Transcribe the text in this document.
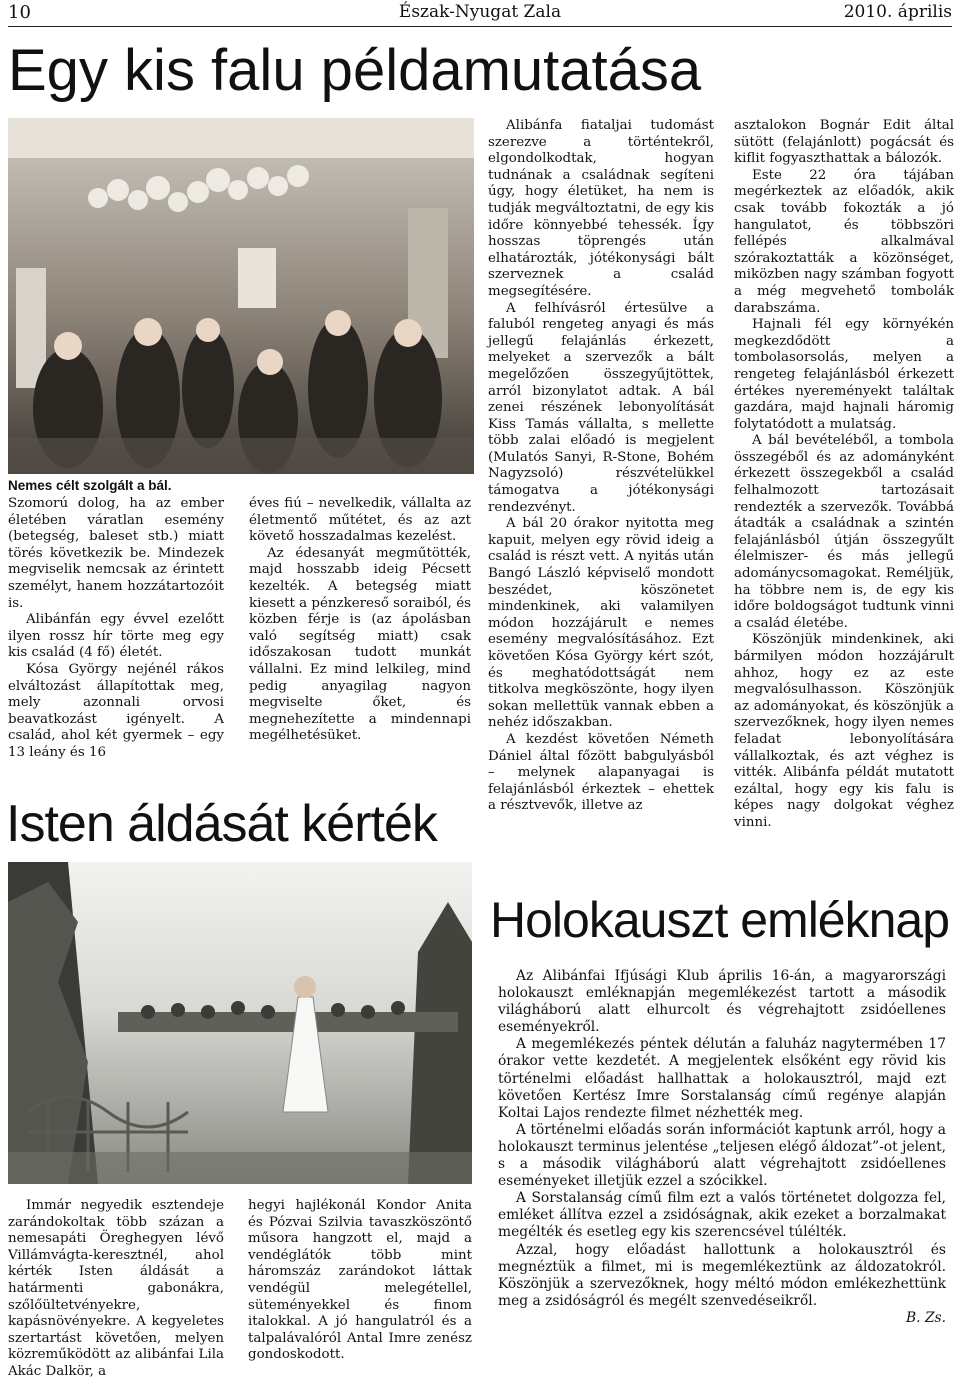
10	Észak-Nyugat Zala	2010. április
Egy kis falu példamutatása
Nemes célt szolgált a bál.

Szomorú dolog, ha az ember életében váratlan esemény (betegség, baleset stb.) miatt törés következik be. Mindezek megviselik nemcsak az érintett személyt, hanem hozzátartozóit is.

Alibánfán egy évvel ezelőtt ilyen rossz hír törte meg egy kis család (4 fő) életét.

Kósa György nejénél rákos elváltozást állapítottak meg, mely azonnali orvosi beavatkozást igényelt. A család, ahol két gyermek – egy 13 leány és 16

éves fiú – nevelkedik, vállalta az életmentő műtétet, és az azt követő hosszadalmas kezelést.

Az édesanyát megműtötték, majd hosszabb ideig Pécsett kezelték. A betegség miatt kiesett a pénzkereső soraiból, és közben férje is (az ápolásban való segítség miatt) csak időszakosan tudott munkát vállalni. Ez mind lelkileg, mind pedig anyagilag nagyon megviselte őket, és megnehezítette a mindennapi megélhetésüket.

Alibánfa fiataljai tudomást szerezve a történtekről, elgondolkodtak, hogyan tudnának a családnak segíteni úgy, hogy életüket, ha nem is tudják megváltoztatni, de egy kis időre könnyebbé tehessék. Így hosszas töprengés után elhatározták, jótékonysági bált szerveznek a család megsegítésére.

A felhívásról értesülve a faluból rengeteg anyagi és más jellegű felajánlás érkezett, melyeket a szervezők a bált megelőzően összegyűjtöttek, arról bizonylatot adtak. A bál zenei részének lebonyolítását Kiss Tamás vállalta, s mellette több zalai előadó is megjelent (Mulatós Sanyi, R-Stone, Bohém Nagyzsoló) részvételükkel támogatva a jótékonysági rendezvényt.

A bál 20 órakor nyitotta meg kapuit, melyen egy rövid ideig a család is részt vett. A nyitás után Bangó László képviselő mondott beszédet, köszönetet mindenkinek, aki valamilyen módon hozzájárult e nemes esemény megvalósításához. Ezt követően Kósa György kért szót, és meghatódottságát nem titkolva megköszönte, hogy ilyen sokan mellettük vannak ebben a nehéz időszakban.

A kezdést követően Németh Dániel által főzött babgulyásból – melynek alapanyagai is felajánlásból érkeztek – ehettek a résztvevők, illetve az

asztalokon Bognár Edit által sütött (felajánlott) pogácsát és kiflit fogyaszthattak a bálozók.

Este 22 óra tájában megérkeztek az előadók, akik csak tovább fokozták a jó hangulatot, és többszöri fellépés alkalmával szórakoztatták a közönséget, miközben nagy számban fogyott a még megvehető tombolák darabszáma.

Hajnali fél egy környékén megkezdődött a tombolasorsolás, melyen a rengeteg felajánlásból érkezett értékes nyereményekt találtak gazdára, majd hajnali háromig folytatódott a mulatság.

A bál bevételéből, a tombola összegéből és az adományként érkezett összegekből a család felhalmozott tartozásait rendezték a szervezők. Továbbá átadták a családnak a szintén felajánlásból útján összegyűlt élelmiszer- és más jellegű adománycsomagokat. Reméljük, ha többre nem is, de egy kis időre boldogságot tudtunk vinni a család életébe.

Köszönjük mindenkinek, aki bármilyen módon hozzájárult ahhoz, hogy ez az este megvalósulhasson. Köszönjük az adományokat, és köszönjük a szervezőknek, hogy ilyen nemes feladat lebonyolítására vállalkoztak, és azt véghez is vitték. Alibánfa példát mutatott ezáltal, hogy egy kis falu is képes nagy dolgokat véghez vinni.

Isten áldását kérték

Immár negyedik esztendeje zarándokoltak több százan a nemesapáti Öreghegyen lévő Villámvágta-keresztnél, ahol kérték Isten áldását a határmenti gabonákra, szőlőültetvényekre, kapásnövényekre. A kegyeletes szertartást követően, melyen közreműködött az alibánfai Lila Akác Dalkör, a

hegyi hajlékonál Kondor Anita és Pózvai Szilvia tavaszköszöntő műsora hangzott el, majd a vendéglátók több mint háromszáz zarándokot láttak vendégül melegétellel, süteményekkel és finom italokkal. A jó hangulatról és a talpalávalóról Antal Imre zenész gondoskodott.

Holokauszt emléknap

Az Alibánfai Ifjúsági Klub április 16-án, a magyarországi holokauszt emléknapján megemlékezést tartott a második világháború alatt elhurcolt és végrehajtott zsidóellenes eseményekről.

A megemlékezés péntek délután a faluház nagytermében 17 órakor vette kezdetét. A megjelentek elsőként egy rövid kis történelmi előadást hallhattak a holokausztról, majd ezt követően Kertész Imre Sorstalanság című regénye alapján Koltai Lajos rendezte filmet nézhették meg.

A történelmi előadás során információt kaptunk arról, hogy a holokauszt terminus jelentése „teljesen elégő áldozat”-ot jelent, s a második világháború alatt végrehajtott zsidóellenes eseményeket illetjük ezzel a szócikkel.

A Sorstalanság című film ezt a valós történetet dolgozza fel, emléket állítva ezzel a zsidóságnak, akik ezeket a borzalmakat megélték és esetleg egy kis szerencsével túlélték.

Azzal, hogy előadást hallottunk a holokausztról és megnéztük a filmet, mi is megemlékeztünk az áldozatokról. Köszönjük a szervezőknek, hogy méltó módon emlékezhettünk meg a zsidóságról és megélt szenvedéseikről.

B. Zs.
